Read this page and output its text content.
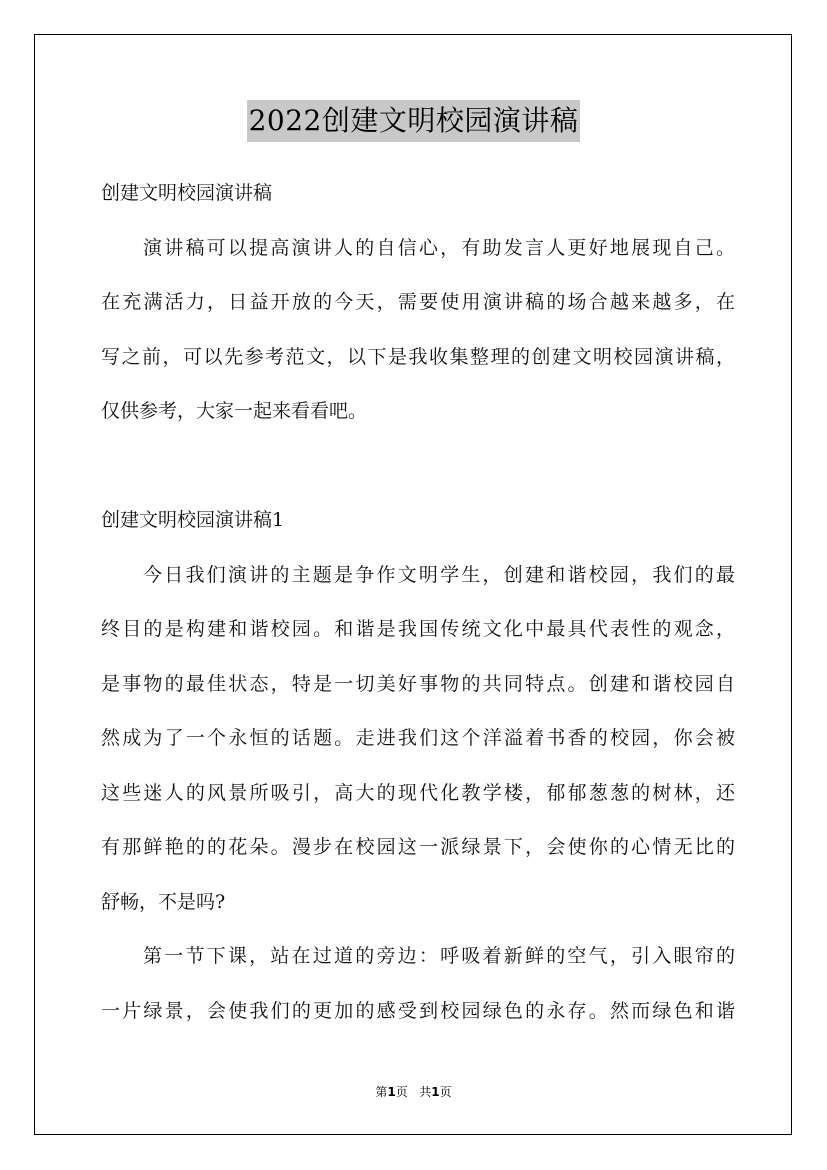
2022创建文明校园演讲稿
创建文明校园演讲稿
演讲稿可以提高演讲人的自信心，有助发言人更好地展现自己。
在充满活力，日益开放的今天，需要使用演讲稿的场合越来越多，在
写之前，可以先参考范文，以下是我收集整理的创建文明校园演讲稿，
仅供参考，大家一起来看看吧。
创建文明校园演讲稿1
今日我们演讲的主题是争作文明学生，创建和谐校园，我们的最
终目的是构建和谐校园。和谐是我国传统文化中最具代表性的观念，
是事物的最佳状态，特是一切美好事物的共同特点。创建和谐校园自
然成为了一个永恒的话题。走进我们这个洋溢着书香的校园，你会被
这些迷人的风景所吸引，高大的现代化教学楼，郁郁葱葱的树林，还
有那鲜艳的的花朵。漫步在校园这一派绿景下，会使你的心情无比的
舒畅，不是吗?
第一节下课，站在过道的旁边：呼吸着新鲜的空气，引入眼帘的
一片绿景，会使我们的更加的感受到校园绿色的永存。然而绿色和谐
第1页 共1页
